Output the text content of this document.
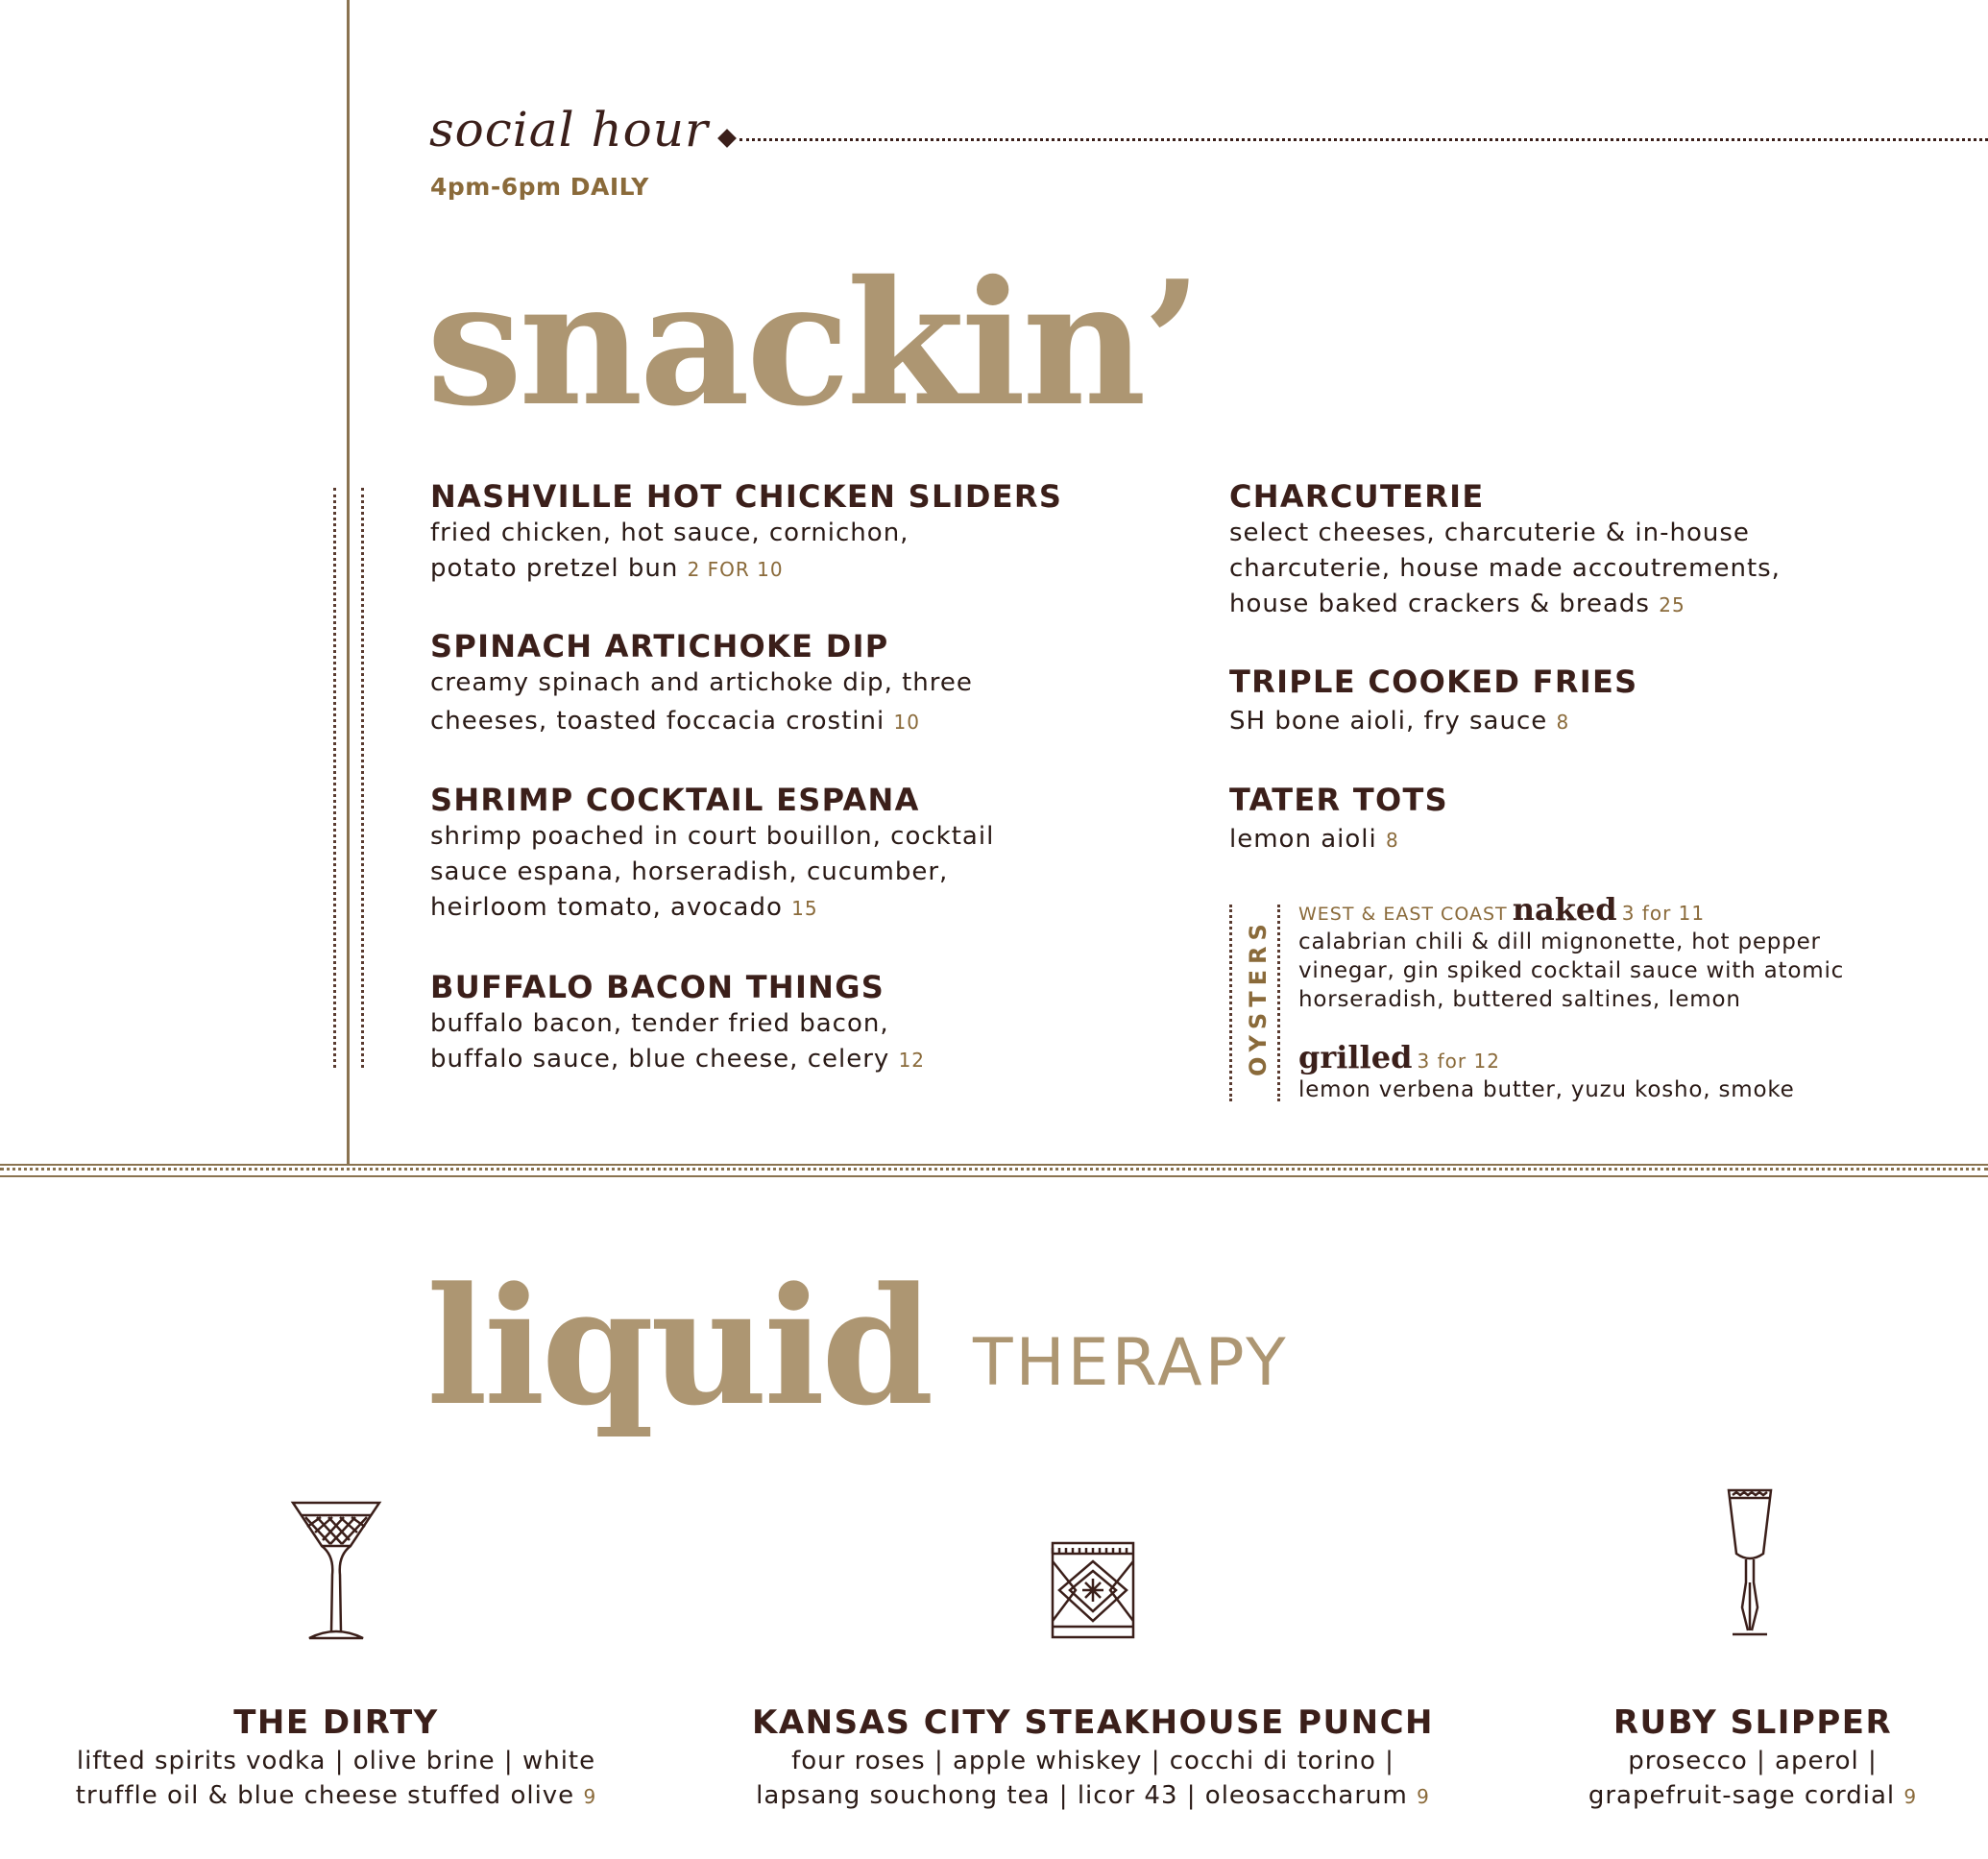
social hour
4pm-6pm DAILY
snackin’
NASHVILLE HOT CHICKEN SLIDERS
fried chicken, hot sauce, cornichon,
potato pretzel bun 2 FOR 10
SPINACH ARTICHOKE DIP
creamy spinach and artichoke dip, three
cheeses, toasted foccacia crostini 10
SHRIMP COCKTAIL ESPANA
shrimp poached in court bouillon, cocktail
sauce espana, horseradish, cucumber,
heirloom tomato, avocado 15
BUFFALO BACON THINGS
buffalo bacon, tender fried bacon,
buffalo sauce, blue cheese, celery 12
CHARCUTERIE
select cheeses, charcuterie & in-house
charcuterie, house made accoutrements,
house baked crackers & breads 25
TRIPLE COOKED FRIES
SH bone aioli, fry sauce 8
TATER TOTS
lemon aioli 8
OYSTERS
WEST & EAST COAST naked 3 for 11
calabrian chili & dill mignonette, hot pepper
vinegar, gin spiked cocktail sauce with atomic
horseradish, buttered saltines, lemon
grilled 3 for 12
lemon verbena butter, yuzu kosho, smoke
liquid THERAPY
THE DIRTY
lifted spirits vodka | olive brine | white
truffle oil & blue cheese stuffed olive 9
KANSAS CITY STEAKHOUSE PUNCH
four roses | apple whiskey | cocchi di torino |
lapsang souchong tea | licor 43 | oleosaccharum 9
RUBY SLIPPER
prosecco | aperol |
grapefruit-sage cordial 9
